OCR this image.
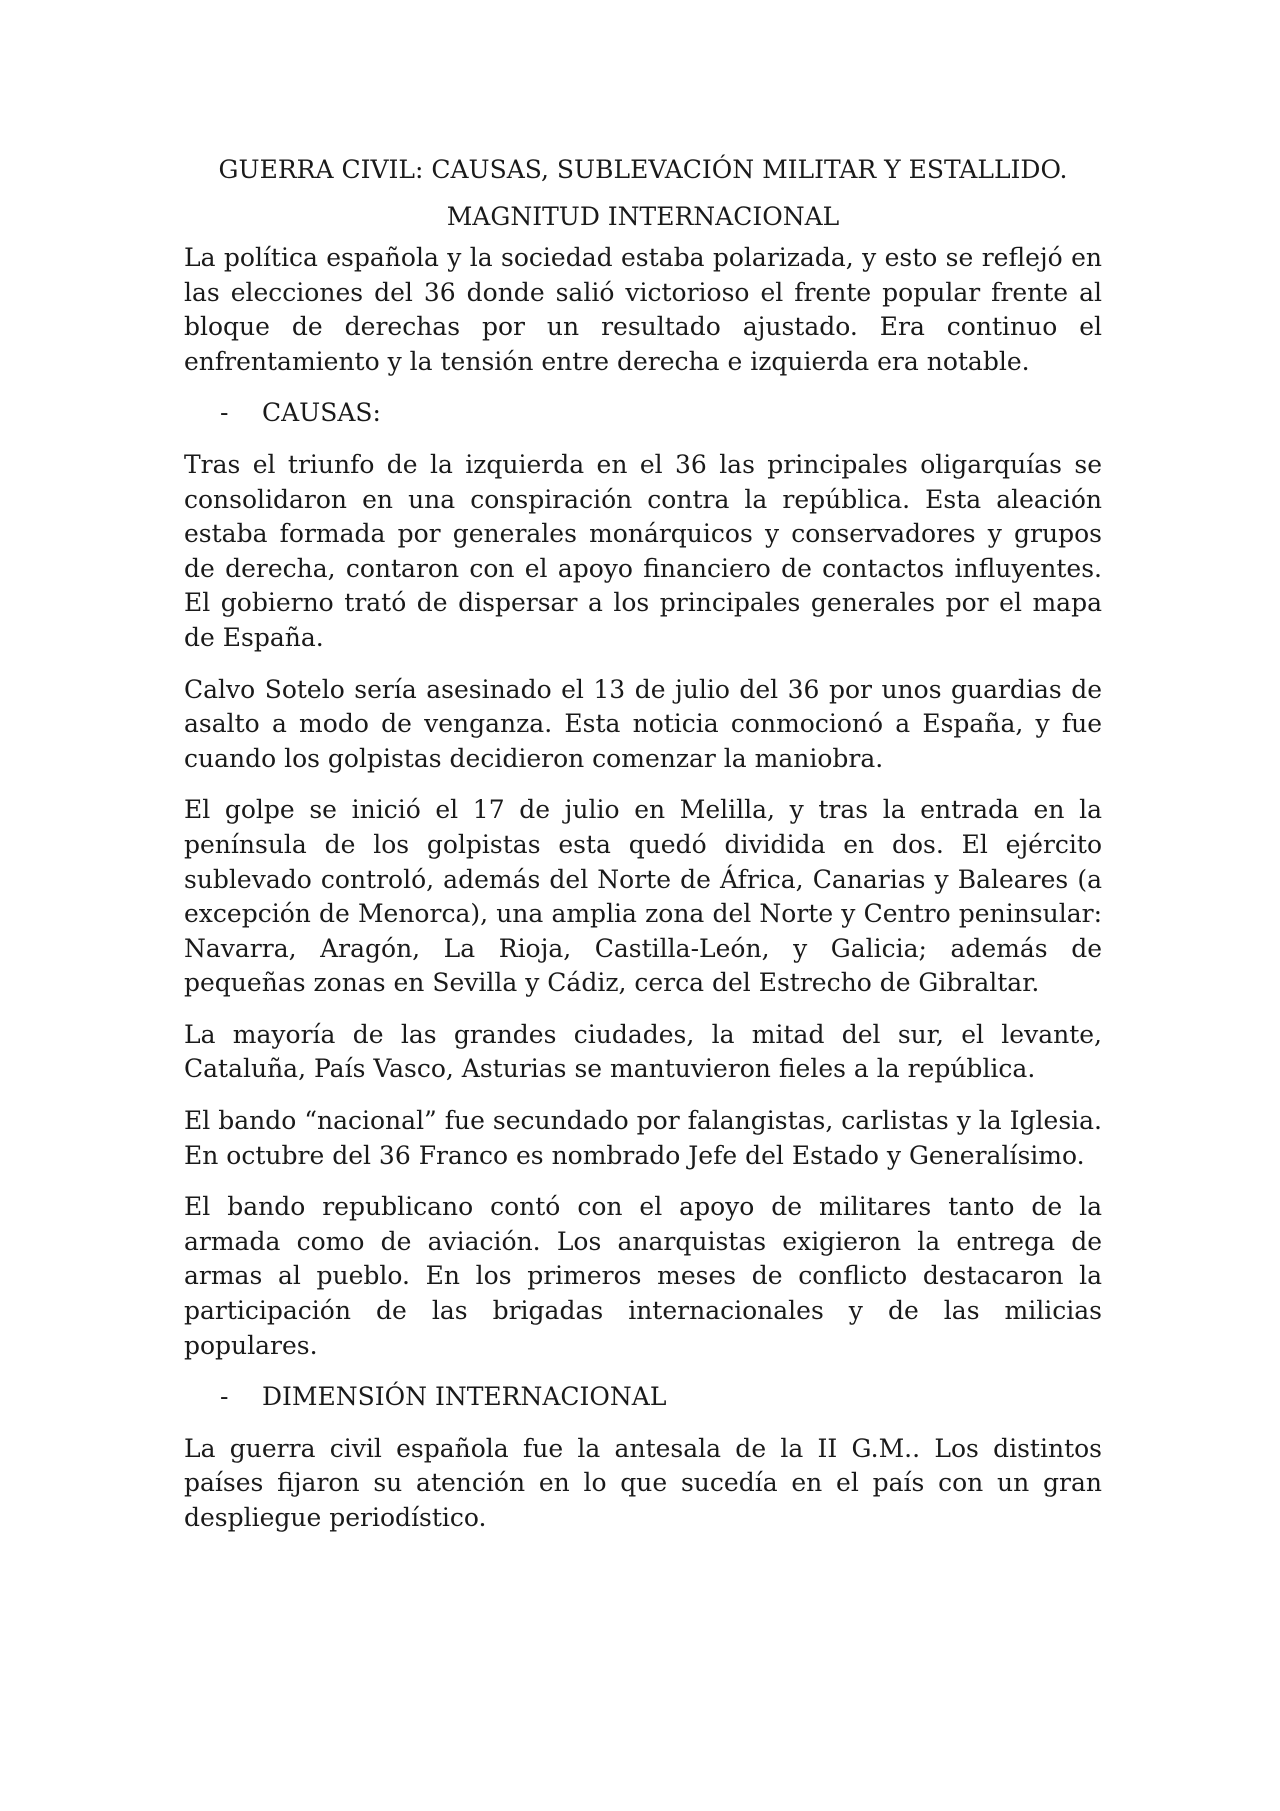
GUERRA CIVIL: CAUSAS, SUBLEVACIÓN MILITAR Y ESTALLIDO.
MAGNITUD INTERNACIONAL

La política española y la sociedad estaba polarizada, y esto se reflejó en las elecciones del 36 donde salió victorioso el frente popular frente al bloque de derechas por un resultado ajustado. Era continuo el enfrentamiento y la tensión entre derecha e izquierda era notable.

-	CAUSAS:

Tras el triunfo de la izquierda en el 36 las principales oligarquías se consolidaron en una conspiración contra la república. Esta aleación estaba formada por generales monárquicos y conservadores y grupos de derecha, contaron con el apoyo financiero de contactos influyentes. El gobierno trató de dispersar a los principales generales por el mapa de España.

Calvo Sotelo sería asesinado el 13 de julio del 36 por unos guardias de asalto a modo de venganza. Esta noticia conmocionó a España, y fue cuando los golpistas decidieron comenzar la maniobra.

El golpe se inició el 17 de julio en Melilla, y tras la entrada en la península de los golpistas esta quedó dividida en dos. El ejército sublevado controló, además del Norte de África, Canarias y Baleares (a excepción de Menorca), una amplia zona del Norte y Centro peninsular: Navarra, Aragón, La Rioja, Castilla-León, y Galicia; además de pequeñas zonas en Sevilla y Cádiz, cerca del Estrecho de Gibraltar.

La mayoría de las grandes ciudades, la mitad del sur, el levante, Cataluña, País Vasco, Asturias se mantuvieron fieles a la república.

El bando “nacional” fue secundado por falangistas, carlistas y la Iglesia. En octubre del 36 Franco es nombrado Jefe del Estado y Generalísimo.

El bando republicano contó con el apoyo de militares tanto de la armada como de aviación. Los anarquistas exigieron la entrega de armas al pueblo. En los primeros meses de conflicto destacaron la participación de las brigadas internacionales y de las milicias populares.

-	DIMENSIÓN INTERNACIONAL

La guerra civil española fue la antesala de la II G.M.. Los distintos países fijaron su atención en lo que sucedía en el país con un gran despliegue periodístico.
